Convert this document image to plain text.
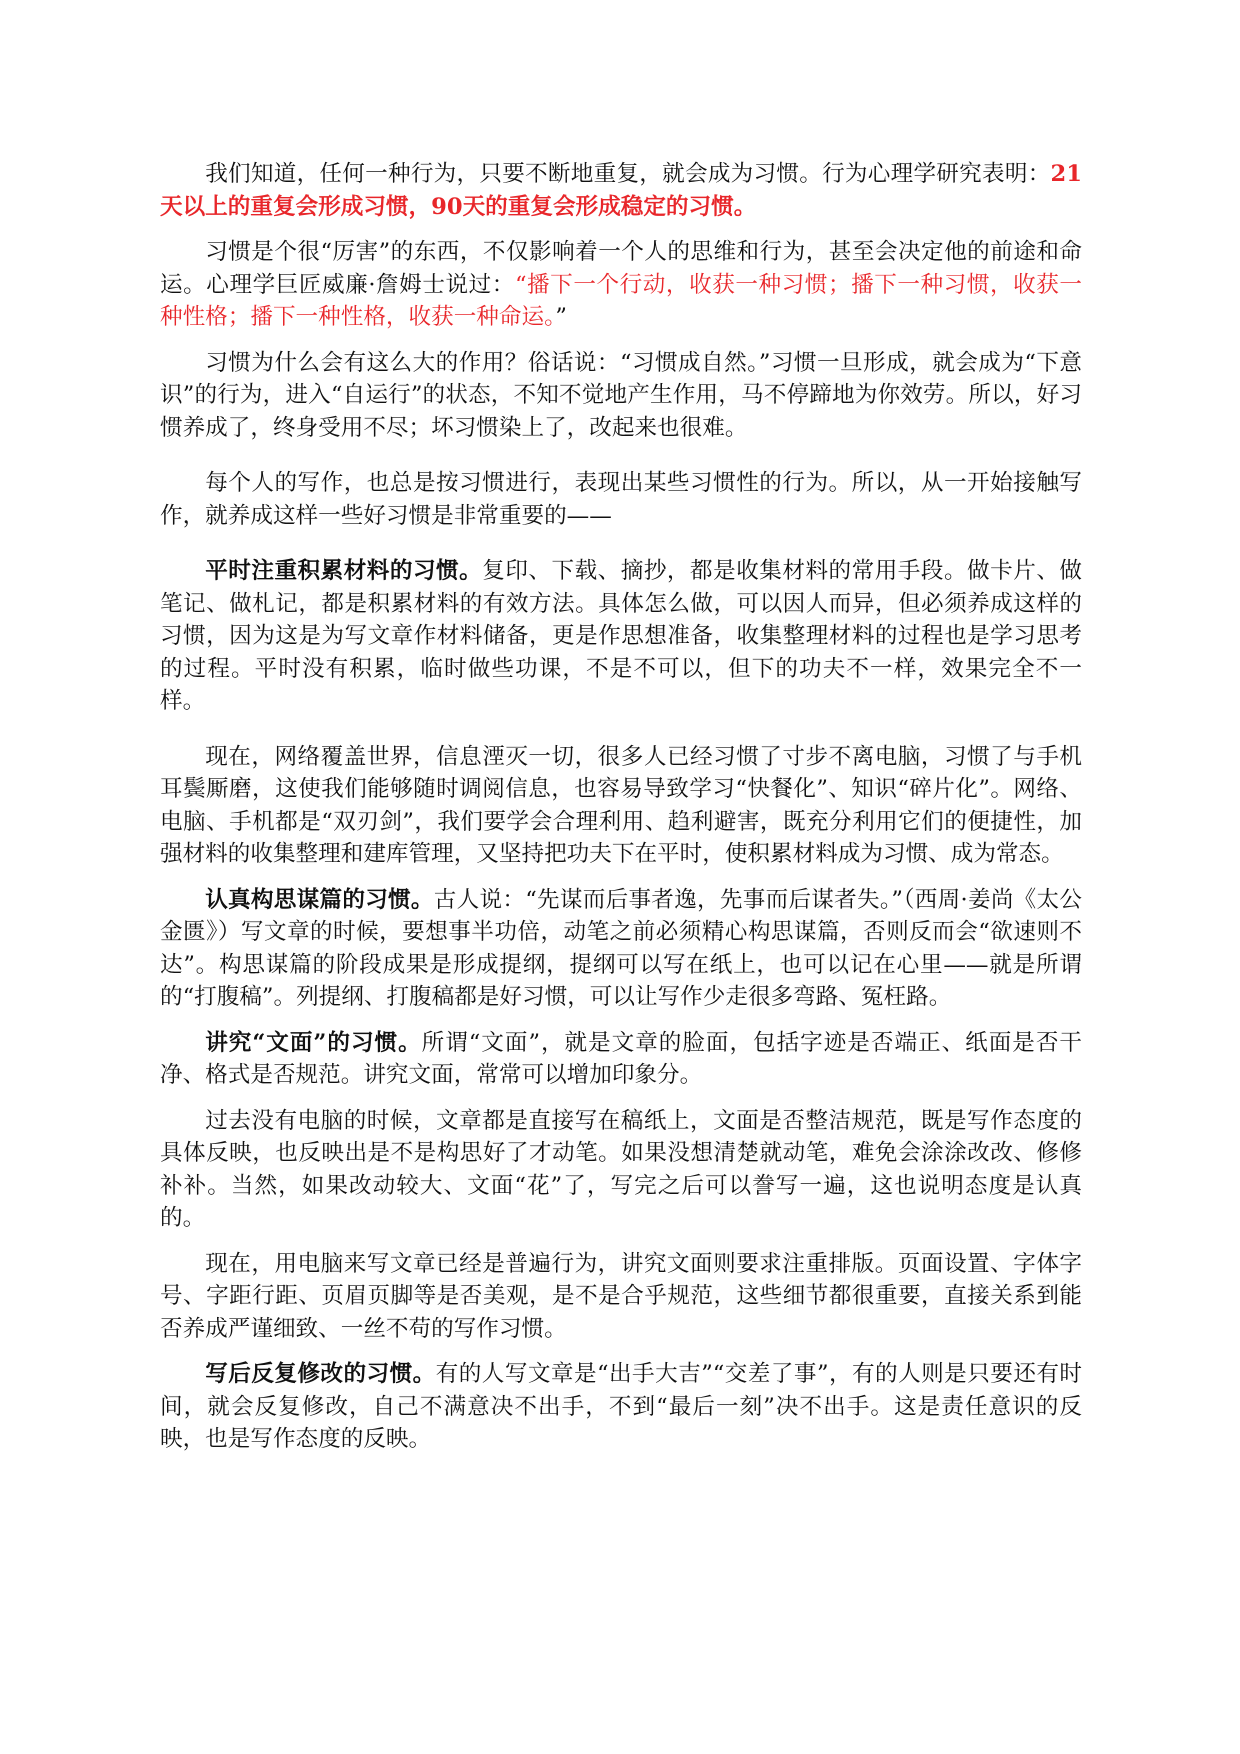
我们知道，任何一种行为，只要不断地重复，就会成为习惯。行为心理学研究表明：21天以上的重复会形成习惯，90天的重复会形成稳定的习惯。

习惯是个很“厉害”的东西，不仅影响着一个人的思维和行为，甚至会决定他的前途和命运。心理学巨匠威廉·詹姆士说过：“播下一个行动，收获一种习惯；播下一种习惯，收获一种性格；播下一种性格，收获一种命运。”

习惯为什么会有这么大的作用？俗话说：“习惯成自然。”习惯一旦形成，就会成为“下意识”的行为，进入“自运行”的状态，不知不觉地产生作用，马不停蹄地为你效劳。所以，好习惯养成了，终身受用不尽；坏习惯染上了，改起来也很难。

每个人的写作，也总是按习惯进行，表现出某些习惯性的行为。所以，从一开始接触写作，就养成这样一些好习惯是非常重要的——

平时注重积累材料的习惯。复印、下载、摘抄，都是收集材料的常用手段。做卡片、做笔记、做札记，都是积累材料的有效方法。具体怎么做，可以因人而异，但必须养成这样的习惯，因为这是为写文章作材料储备，更是作思想准备，收集整理材料的过程也是学习思考的过程。平时没有积累，临时做些功课，不是不可以，但下的功夫不一样，效果完全不一样。

现在，网络覆盖世界，信息湮灭一切，很多人已经习惯了寸步不离电脑，习惯了与手机耳鬓厮磨，这使我们能够随时调阅信息，也容易导致学习“快餐化”、知识“碎片化”。网络、电脑、手机都是“双刃剑”，我们要学会合理利用、趋利避害，既充分利用它们的便捷性，加强材料的收集整理和建库管理，又坚持把功夫下在平时，使积累材料成为习惯、成为常态。

认真构思谋篇的习惯。古人说：“先谋而后事者逸，先事而后谋者失。”（西周·姜尚《太公金匮》）写文章的时候，要想事半功倍，动笔之前必须精心构思谋篇，否则反而会“欲速则不达”。构思谋篇的阶段成果是形成提纲，提纲可以写在纸上，也可以记在心里——就是所谓的“打腹稿”。列提纲、打腹稿都是好习惯，可以让写作少走很多弯路、冤枉路。

讲究“文面”的习惯。所谓“文面”，就是文章的脸面，包括字迹是否端正、纸面是否干净、格式是否规范。讲究文面，常常可以增加印象分。

过去没有电脑的时候，文章都是直接写在稿纸上，文面是否整洁规范，既是写作态度的具体反映，也反映出是不是构思好了才动笔。如果没想清楚就动笔，难免会涂涂改改、修修补补。当然，如果改动较大、文面“花”了，写完之后可以誊写一遍，这也说明态度是认真的。

现在，用电脑来写文章已经是普遍行为，讲究文面则要求注重排版。页面设置、字体字号、字距行距、页眉页脚等是否美观，是不是合乎规范，这些细节都很重要，直接关系到能否养成严谨细致、一丝不苟的写作习惯。

写后反复修改的习惯。有的人写文章是“出手大吉”“交差了事”，有的人则是只要还有时间，就会反复修改，自己不满意决不出手，不到“最后一刻”决不出手。这是责任意识的反映，也是写作态度的反映。
